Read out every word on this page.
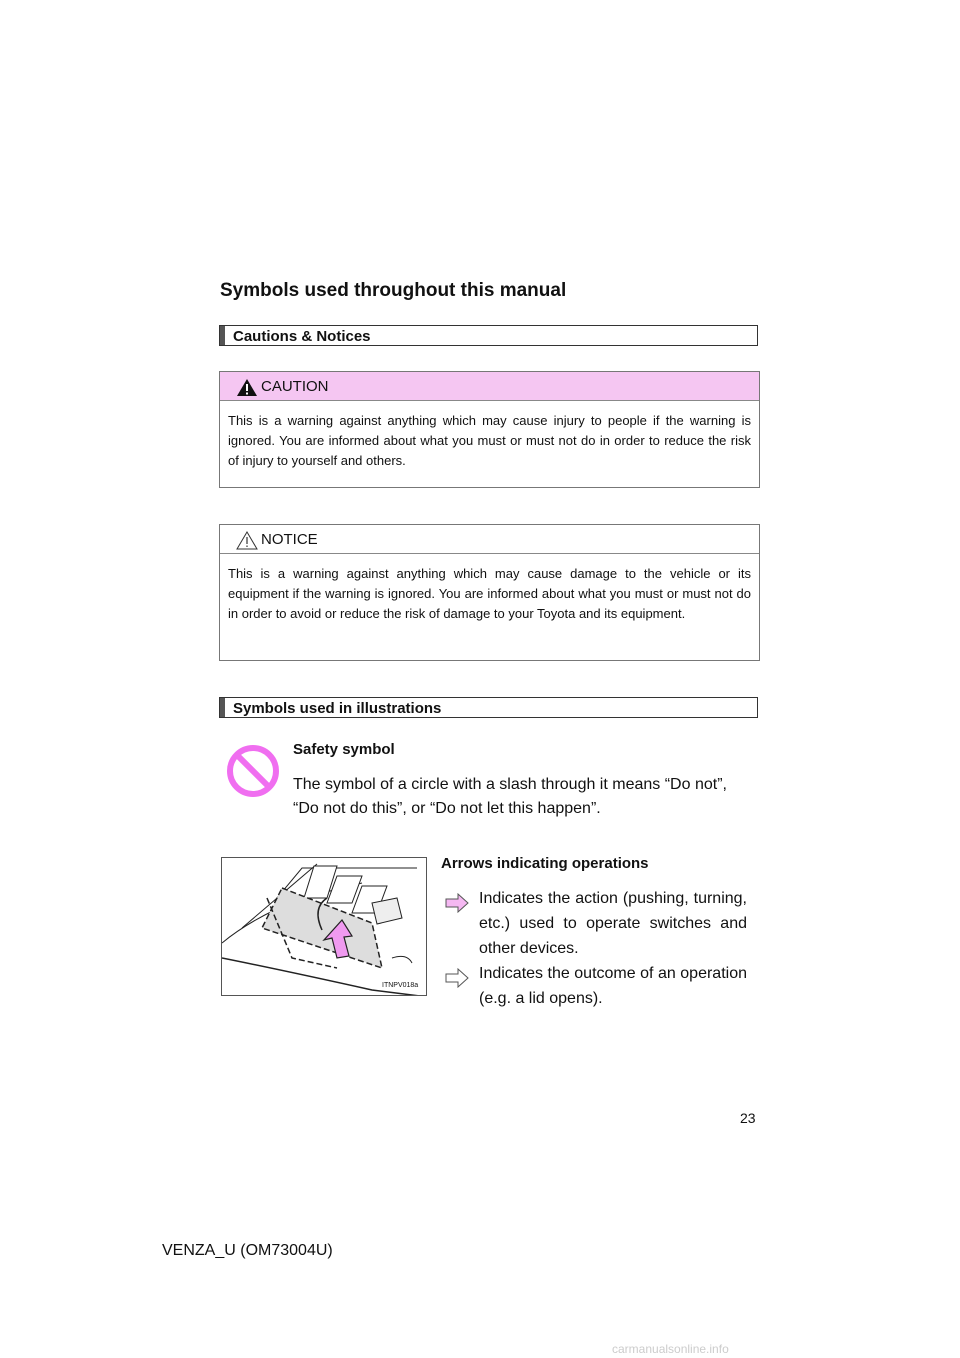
Symbols used throughout this manual
Cautions & Notices
CAUTION
This is a warning against anything which may cause injury to people if the warning is ignored. You are informed about what you must or must not do in order to reduce the risk of injury to yourself and others.
NOTICE
This is a warning against anything which may cause damage to the vehicle or its equipment if the warning is ignored. You are informed about what you must or must not do in order to avoid or reduce the risk of damage to your Toyota and its equipment.
Symbols used in illustrations
Safety symbol
The symbol of a circle with a slash through it means “Do not”, “Do not do this”, or “Do not let this happen”.
ITNPV018a
Arrows indicating operations
Indicates the action (pushing, turning, etc.) used to operate switches and other devices.
Indicates the outcome of an operation (e.g. a lid opens).
23
VENZA_U (OM73004U)
carmanualsonline.info
